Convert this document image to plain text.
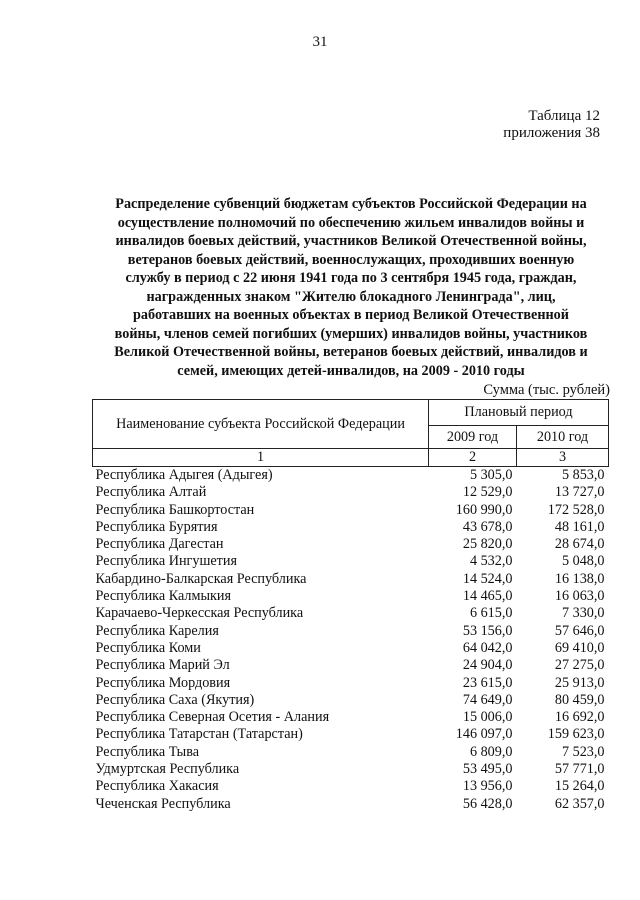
31
Таблица 12
приложения 38
Распределение субвенций бюджетам субъектов Российской Федерации на
осуществление полномочий по обеспечению жильем инвалидов войны и
инвалидов боевых действий, участников Великой Отечественной войны,
ветеранов боевых действий, военнослужащих, проходивших военную
службу в период с 22 июня 1941 года по 3 сентября 1945 года, граждан,
награжденных знаком "Жителю блокадного Ленинграда", лиц,
работавших на военных объектах в период Великой Отечественной
войны, членов семей погибших (умерших) инвалидов войны, участников
Великой Отечественной войны, ветеранов боевых действий, инвалидов и
семей, имеющих детей-инвалидов, на 2009 - 2010 годы
Сумма (тыс. рублей)
Наименование субъекта Российской Федерации	Плановый период	
	2009 год	2010 год
1	2	3
Республика Адыгея (Адыгея)	5 305,0	5 853,0
Республика Алтай	12 529,0	13 727,0
Республика Башкортостан	160 990,0	172 528,0
Республика Бурятия	43 678,0	48 161,0
Республика Дагестан	25 820,0	28 674,0
Республика Ингушетия	4 532,0	5 048,0
Кабардино-Балкарская Республика	14 524,0	16 138,0
Республика Калмыкия	14 465,0	16 063,0
Карачаево-Черкесская Республика	6 615,0	7 330,0
Республика Карелия	53 156,0	57 646,0
Республика Коми	64 042,0	69 410,0
Республика Марий Эл	24 904,0	27 275,0
Республика Мордовия	23 615,0	25 913,0
Республика Саха (Якутия)	74 649,0	80 459,0
Республика Северная Осетия - Алания	15 006,0	16 692,0
Республика Татарстан (Татарстан)	146 097,0	159 623,0
Республика Тыва	6 809,0	7 523,0
Удмуртская Республика	53 495,0	57 771,0
Республика Хакасия	13 956,0	15 264,0
Чеченская Республика	56 428,0	62 357,0
